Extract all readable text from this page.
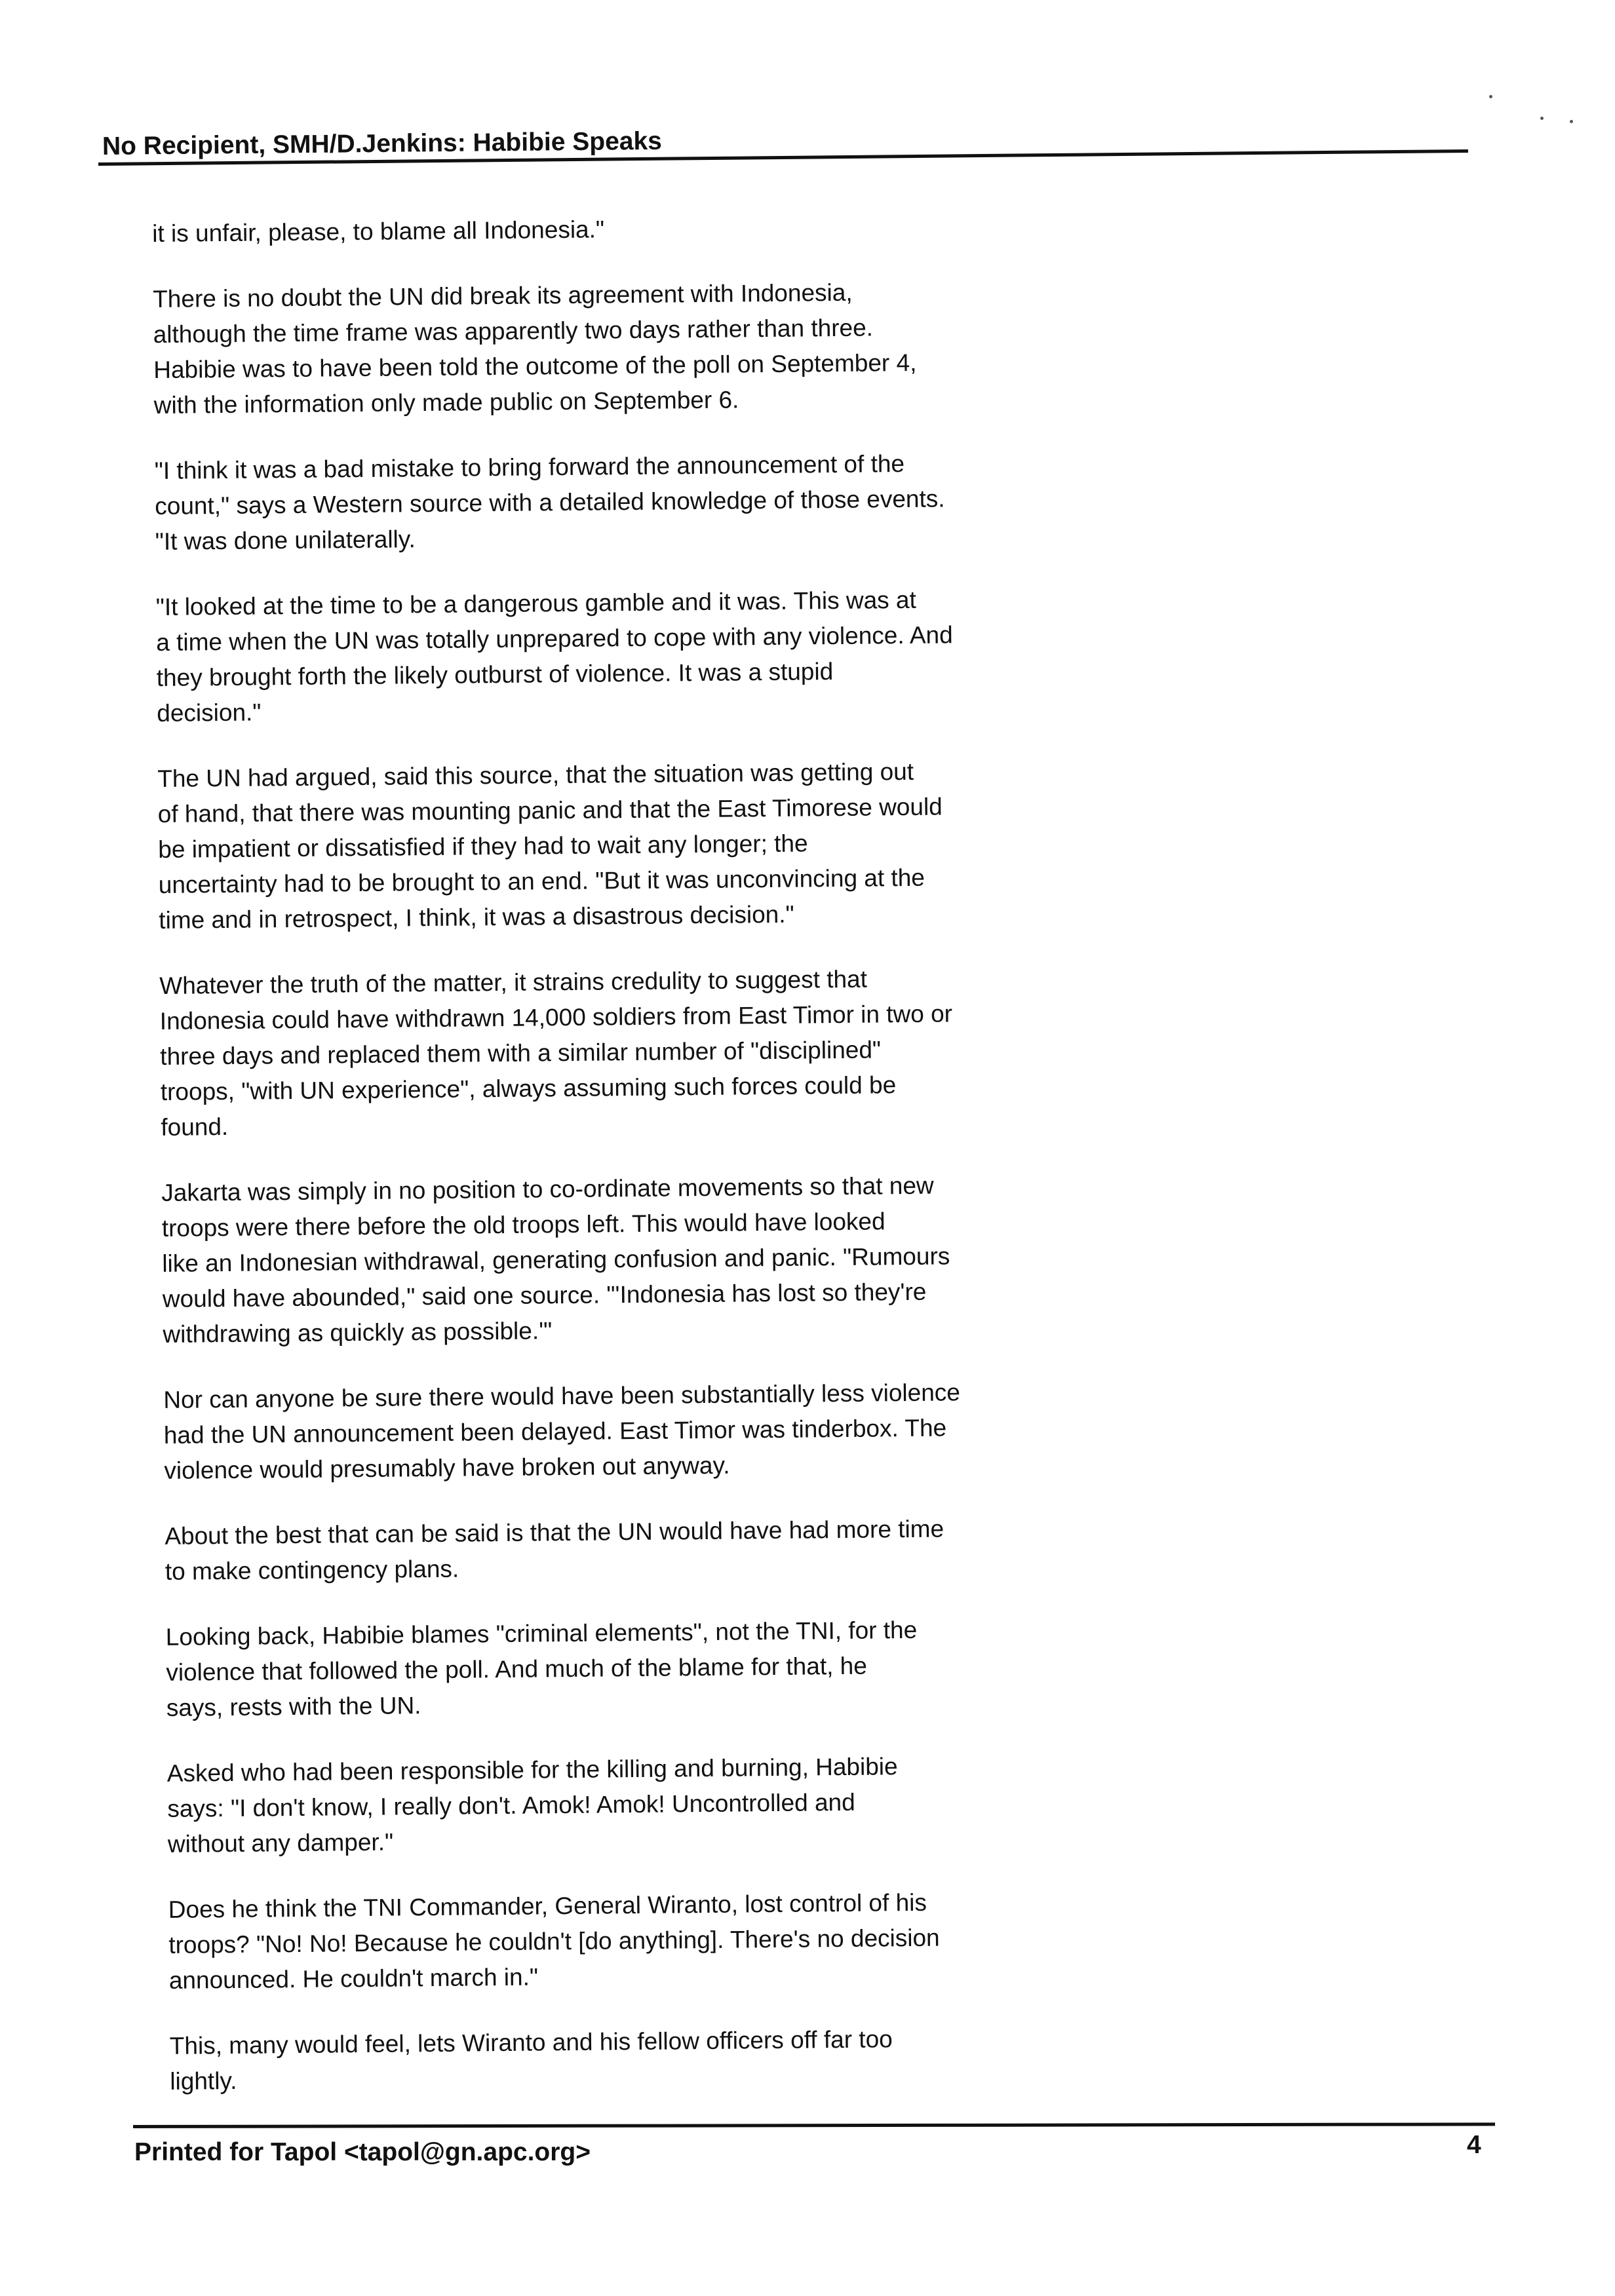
No Recipient, SMH/D.Jenkins: Habibie Speaks

it is unfair, please, to blame all Indonesia."

There is no doubt the UN did break its agreement with Indonesia,
although the time frame was apparently two days rather than three.
Habibie was to have been told the outcome of the poll on September 4,
with the information only made public on September 6.

"I think it was a bad mistake to bring forward the announcement of the
count," says a Western source with a detailed knowledge of those events.
"It was done unilaterally.

"It looked at the time to be a dangerous gamble and it was. This was at
a time when the UN was totally unprepared to cope with any violence. And
they brought forth the likely outburst of violence. It was a stupid
decision."

The UN had argued, said this source, that the situation was getting out
of hand, that there was mounting panic and that the East Timorese would
be impatient or dissatisfied if they had to wait any longer; the
uncertainty had to be brought to an end. "But it was unconvincing at the
time and in retrospect, I think, it was a disastrous decision."

Whatever the truth of the matter, it strains credulity to suggest that
Indonesia could have withdrawn 14,000 soldiers from East Timor in two or
three days and replaced them with a similar number of "disciplined"
troops, "with UN experience", always assuming such forces could be
found.

Jakarta was simply in no position to co-ordinate movements so that new
troops were there before the old troops left. This would have looked
like an Indonesian withdrawal, generating confusion and panic. "Rumours
would have abounded," said one source. "'Indonesia has lost so they're
withdrawing as quickly as possible.'"

Nor can anyone be sure there would have been substantially less violence
had the UN announcement been delayed. East Timor was tinderbox. The
violence would presumably have broken out anyway.

About the best that can be said is that the UN would have had more time
to make contingency plans.

Looking back, Habibie blames "criminal elements", not the TNI, for the
violence that followed the poll. And much of the blame for that, he
says, rests with the UN.

Asked who had been responsible for the killing and burning, Habibie
says: "I don't know, I really don't. Amok! Amok! Uncontrolled and
without any damper."

Does he think the TNI Commander, General Wiranto, lost control of his
troops? "No! No! Because he couldn't [do anything]. There's no decision
announced. He couldn't march in."

This, many would feel, lets Wiranto and his fellow officers off far too
lightly.

Printed for Tapol <tapol@gn.apc.org>	4
